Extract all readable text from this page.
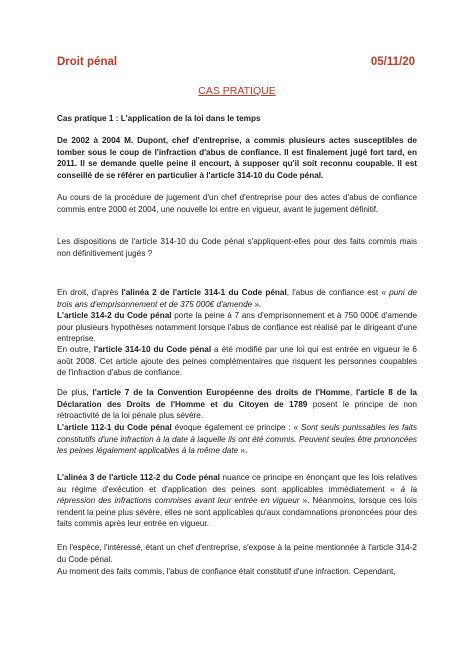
Droit pénal	05/11/20
CAS PRATIQUE
Cas pratique 1 : L'application de la loi dans le temps
De 2002 à 2004 M. Dupont, chef d'entreprise, a commis plusieurs actes susceptibles de tomber sous le coup de l'infraction d'abus de confiance. Il est finalement jugé fort tard, en 2011. Il se demande quelle peine il encourt, à supposer qu'il soit reconnu coupable. Il est conseillé de se référer en particulier à l'article 314-10 du Code pénal.
Au cours de la procédure de jugement d'un chef d'entreprise pour des actes d'abus de confiance commis entre 2000 et 2004, une nouvelle loi entre en vigueur, avant le jugement définitif.
Les dispositions de l'article 314-10 du Code pénal s'appliquent-elles pour des faits commis mais non définitivement jugés ?

En droit, d'après l'alinéa 2 de l'article 314-1 du Code pénal, l'abus de confiance est « puni de trois ans d'emprisonnement et de 375 000€ d'amende ».

L'article 314-2 du Code pénal porte la peine à 7 ans d'emprisonnement et à 750 000€ d'amende pour plusieurs hypothèses notamment lorsque l'abus de confiance est réalisé par le dirigeant d'une entreprise.

En outre, l'article 314-10 du Code pénal a été modifié par une loi qui est entrée en vigueur le 6 août 2008. Cet article ajoute des peines complémentaires que risquent les personnes coupables de l'infraction d'abus de confiance.

De plus, l'article 7 de la Convention Européenne des droits de l'Homme, l'article 8 de la Déclaration des Droits de l'Homme et du Citoyen de 1789 posent le principe de non rétroactivité de la loi pénale plus sévère.

L'article 112-1 du Code pénal évoque également ce principe : « Sont seuls punissables les faits constitutifs d'une infraction à la date à laquelle ils ont été commis. Peuvent seules être prononcées les peines légalement applicables à la même date ».

L'alinéa 3 de l'article 112-2 du Code pénal nuance ce principe en énonçant que les lois relatives au régime d'exécution et d'application des peines sont applicables immédiatement « à la répression des infractions commises avant leur entrée en vigueur ». Néanmoins, lorsque ces lois rendent la peine plus sévère, elles ne sont applicables qu'aux condamnations prononcées pour des faits commis après leur entrée en vigueur.

En l'espèce, l'intéressé, étant un chef d'entreprise, s'expose à la peine mentionnée à l'article 314-2 du Code pénal.
Au moment des faits commis, l'abus de confiance était constitutif d'une infraction. Cependant,
